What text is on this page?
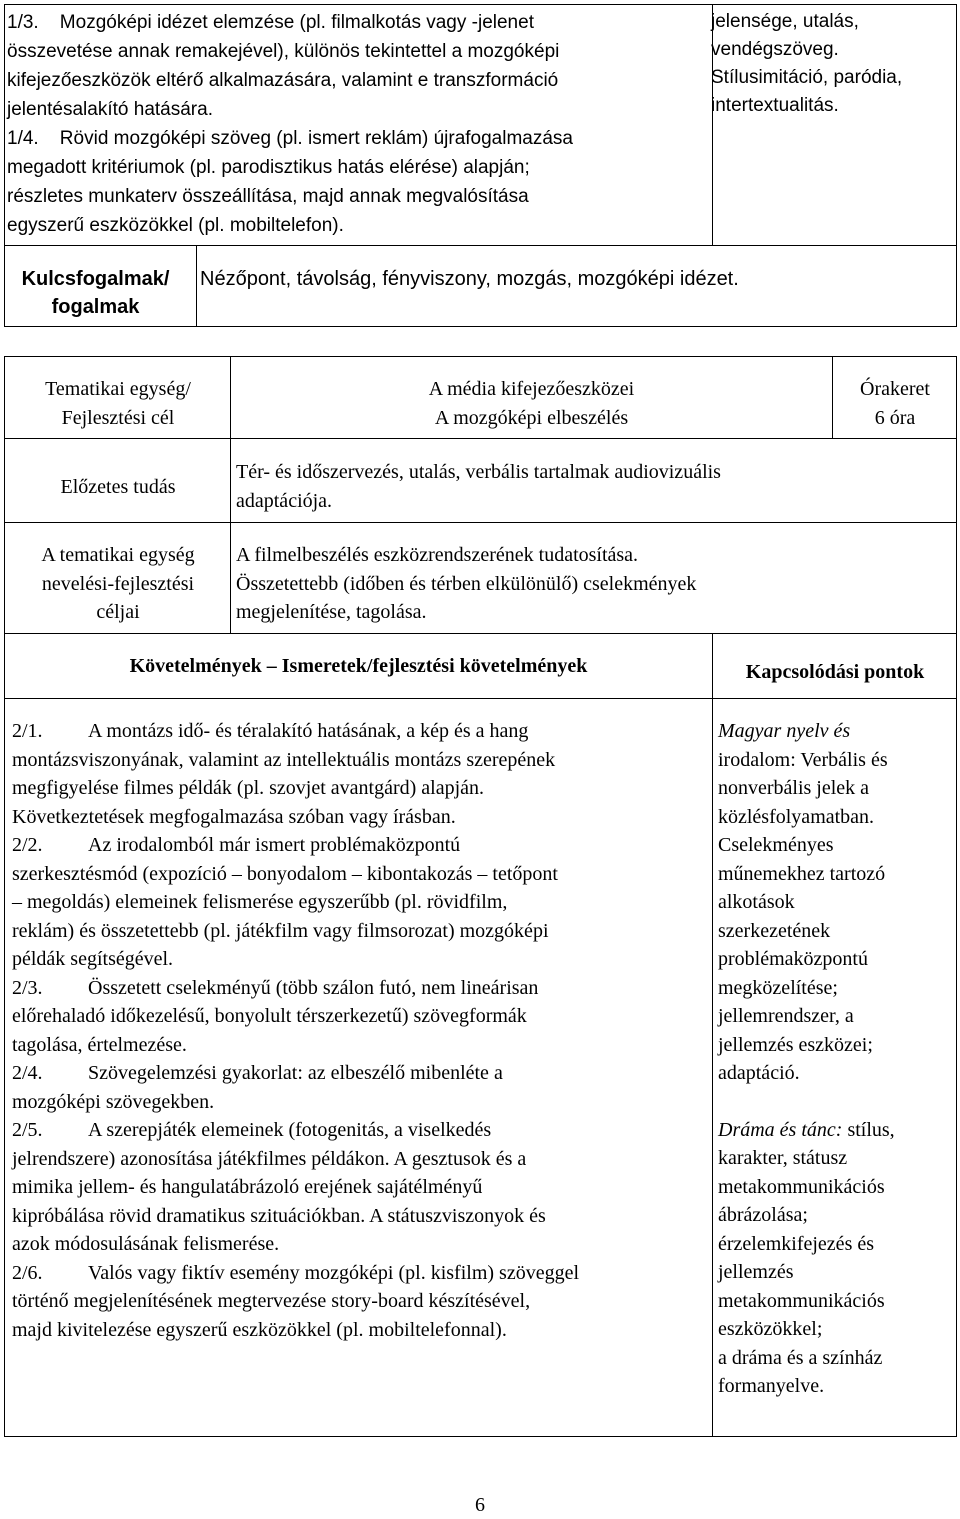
1/3.    Mozgóképi idézet elemzése (pl. filmalkotás vagy -jelenet

összevetése annak remakejével), különös tekintettel a mozgóképi

kifejezőeszközök eltérő alkalmazására, valamint e transzformáció

jelentésalakító hatására.

1/4.    Rövid mozgóképi szöveg (pl. ismert reklám) újrafogalmazása

megadott kritériumok (pl. parodisztikus hatás elérése) alapján;

részletes munkaterv összeállítása, majd annak megvalósítása

egyszerű eszközökkel (pl. mobiltelefon).

jelensége, utalás,

vendégszöveg.

Stílusimitáció, paródia,

intertextualitás.

Kulcsfogalmak/

fogalmak

Nézőpont, távolság, fényviszony, mozgás, mozgóképi idézet.

Tematikai egység/

Fejlesztési cél

A média kifejezőeszközei

A mozgóképi elbeszélés

Órakeret

6 óra

Előzetes tudás

Tér- és időszervezés, utalás, verbális tartalmak audiovizuális

adaptációja.

A tematikai egység

nevelési-fejlesztési

céljai

A filmelbeszélés eszközrendszerének tudatosítása.

Összetettebb (időben és térben elkülönülő) cselekmények

megjelenítése, tagolása.

Követelmények – Ismeretek/fejlesztési követelmények	Kapcsolódási pontok

2/1. A montázs idő- és téralakító hatásának, a kép és a hang

montázsviszonyának, valamint az intellektuális montázs szerepének

megfigyelése filmes példák (pl. szovjet avantgárd) alapján.

Következtetések megfogalmazása szóban vagy írásban.

2/2. Az irodalomból már ismert problémaközpontú

szerkesztésmód (expozíció – bonyodalom – kibontakozás – tetőpont

– megoldás) elemeinek felismerése egyszerűbb (pl. rövidfilm,

reklám) és összetettebb (pl. játékfilm vagy filmsorozat) mozgóképi

példák segítségével.

2/3. Összetett cselekményű (több szálon futó, nem lineárisan

előrehaladó időkezelésű, bonyolult térszerkezetű) szövegformák

tagolása, értelmezése.

2/4. Szövegelemzési gyakorlat: az elbeszélő mibenléte a

mozgóképi szövegekben.

2/5. A szerepjáték elemeinek (fotogenitás, a viselkedés

jelrendszere) azonosítása játékfilmes példákon. A gesztusok és a

mimika jellem- és hangulatábrázoló erejének sajátélményű

kipróbálása rövid dramatikus szituációkban. A státuszviszonyok és

azok módosulásának felismerése.

2/6. Valós vagy fiktív esemény mozgóképi (pl. kisfilm) szöveggel

történő megjelenítésének megtervezése story-board készítésével,

majd kivitelezése egyszerű eszközökkel (pl. mobiltelefonnal).

Magyar nyelv és

irodalom: Verbális és

nonverbális jelek a

közlésfolyamatban.

Cselekményes

műnemekhez tartozó

alkotások

szerkezetének

problémaközpontú

megközelítése;

jellemrendszer, a

jellemzés eszközei;

adaptáció.

Dráma és tánc: stílus,

karakter, státusz

metakommunikációs

ábrázolása;

érzelemkifejezés és

jellemzés

metakommunikációs

eszközökkel;

a dráma és a színház

formanyelve.

6
